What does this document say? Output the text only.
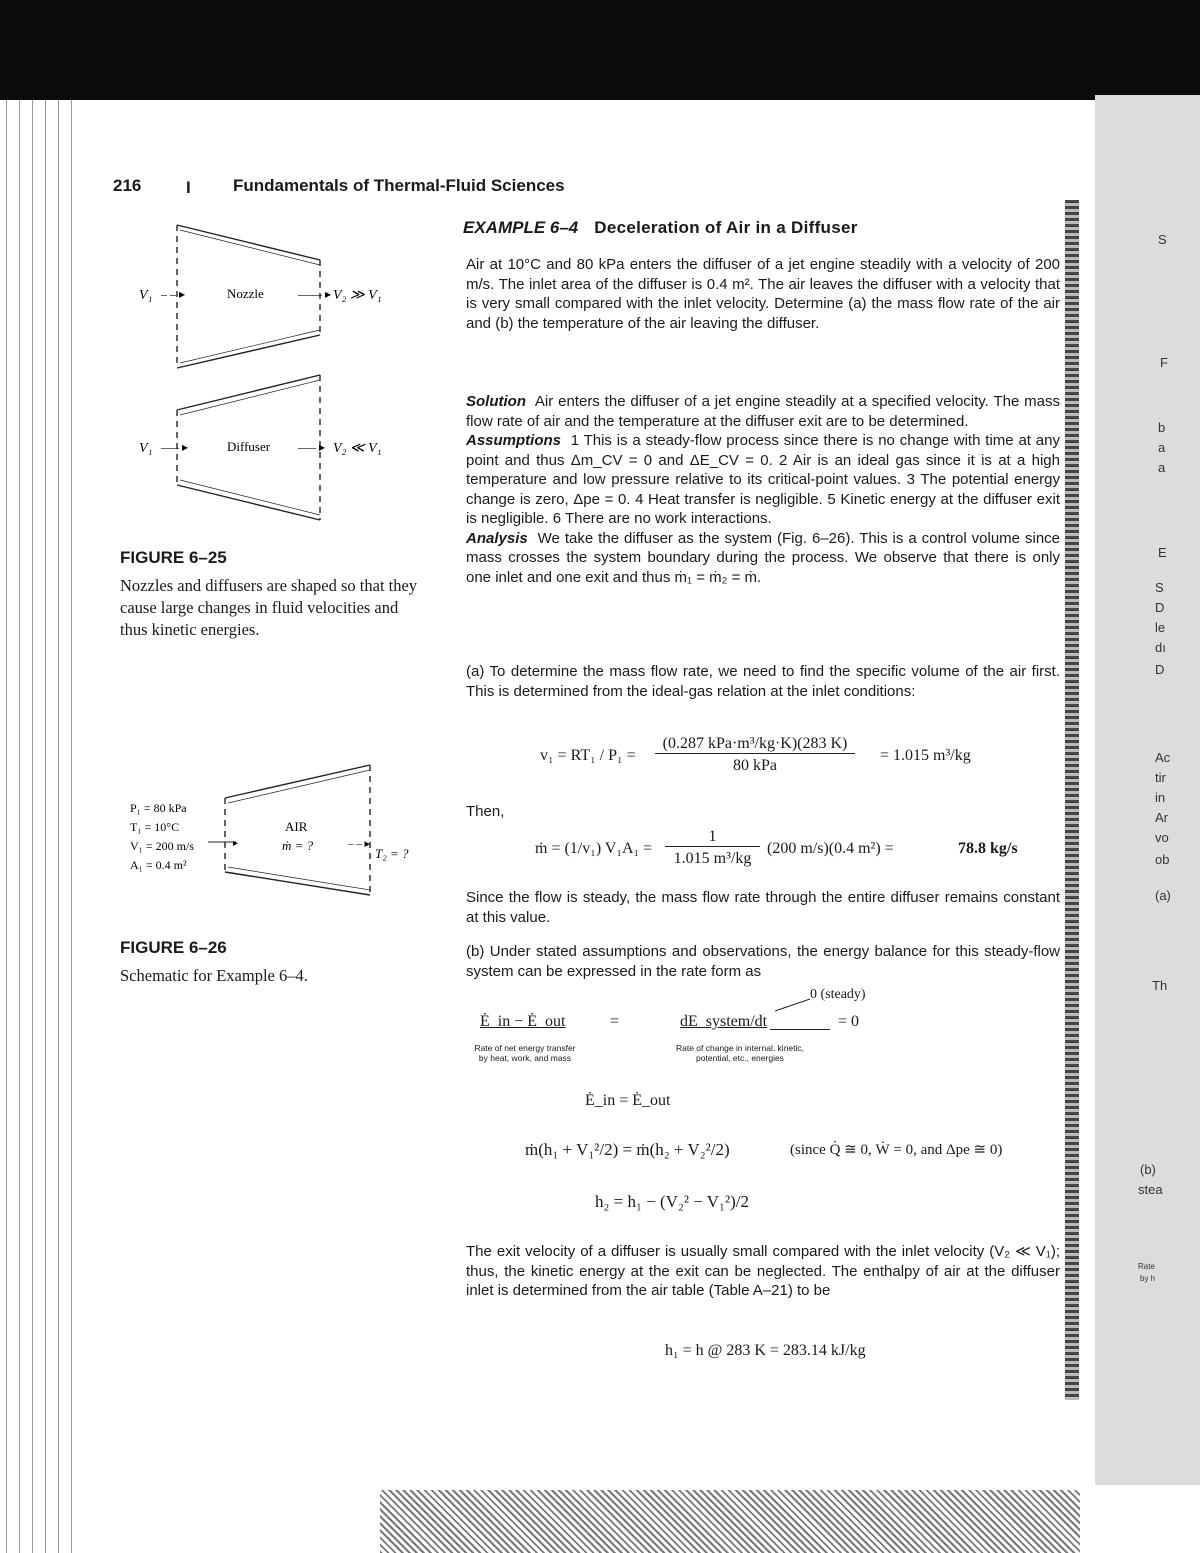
216	I Fundamentals of Thermal-Fluid Sciences
V₁ – – ▸	Nozzle	—— ▸ V₂ ≫ V₁
V₁ —– ▸	Diffuser —– ▸ V₂ ≪ V₁
FIGURE 6–25
Nozzles and diffusers are shaped so that they cause large changes in fluid velocities and thus kinetic energies.
P₁ = 80 kPa
T₁ = 10°C
V₁ = 200 m/s
A₁ = 0.4 m²
▸
AIR
ṁ = ?	– – ▸
T₂ = ?
FIGURE 6–26
Schematic for Example 6–4.
EXAMPLE 6–4 Deceleration of Air in a Diffuser

Air at 10°C and 80 kPa enters the diffuser of a jet engine steadily with a velocity of 200 m/s. The inlet area of the diffuser is 0.4 m². The air leaves the diffuser with a velocity that is very small compared with the inlet velocity. Determine (a) the mass flow rate of the air and (b) the temperature of the air leaving the diffuser.

Solution Air enters the diffuser of a jet engine steadily at a specified velocity. The mass flow rate of air and the temperature at the diffuser exit are to be determined.

Assumptions 1 This is a steady-flow process since there is no change with time at any point and thus Δm_CV = 0 and ΔE_CV = 0. 2 Air is an ideal gas since it is at a high temperature and low pressure relative to its critical-point values. 3 The potential energy change is zero, Δpe = 0. 4 Heat transfer is negligible. 5 Kinetic energy at the diffuser exit is negligible. 6 There are no work interactions.

Analysis We take the diffuser as the system (Fig. 6–26). This is a control volume since mass crosses the system boundary during the process. We observe that there is only one inlet and one exit and thus ṁ₁ = ṁ₂ = ṁ.

(a) To determine the mass flow rate, we need to find the specific volume of the air first. This is determined from the ideal-gas relation at the inlet conditions:

v₁ = RT₁ / P₁ =
(0.287 kPa·m³/kg·K)(283 K)
80 kPa
= 1.015 m³/kg

Then,

ṁ = (1/v₁) V₁A₁ =
1
1.015 m³/kg
(200 m/s)(0.4 m²) =	78.8 kg/s

Since the flow is steady, the mass flow rate through the entire diffuser remains constant at this value.

(b) Under stated assumptions and observations, the energy balance for this steady-flow system can be expressed in the rate form as

0 (steady)
Ė_in − Ė_out	=	dE_system/dt	= 0
Rate of net energy transfer by heat, work, and mass
Rate of change in internal, kinetic, potential, etc., energies
Ė_in = Ė_out
ṁ(h₁ + V₁²/2) = ṁ(h₂ + V₂²/2)	(since Q̇ ≅ 0, Ẇ = 0, and Δpe ≅ 0)
h₂ = h₁ − (V₂² − V₁²)/2

The exit velocity of a diffuser is usually small compared with the inlet velocity (V₂ ≪ V₁); thus, the kinetic energy at the exit can be neglected. The enthalpy of air at the diffuser inlet is determined from the air table (Table A–21) to be

h₁ = h @ 283 K = 283.14 kJ/kg
S
F
b
a
a
E
S
D
le
dı
D
Ac
tir
in
Ar
vo
ob
(a)
Th
(b)
stea
Rate
by h
